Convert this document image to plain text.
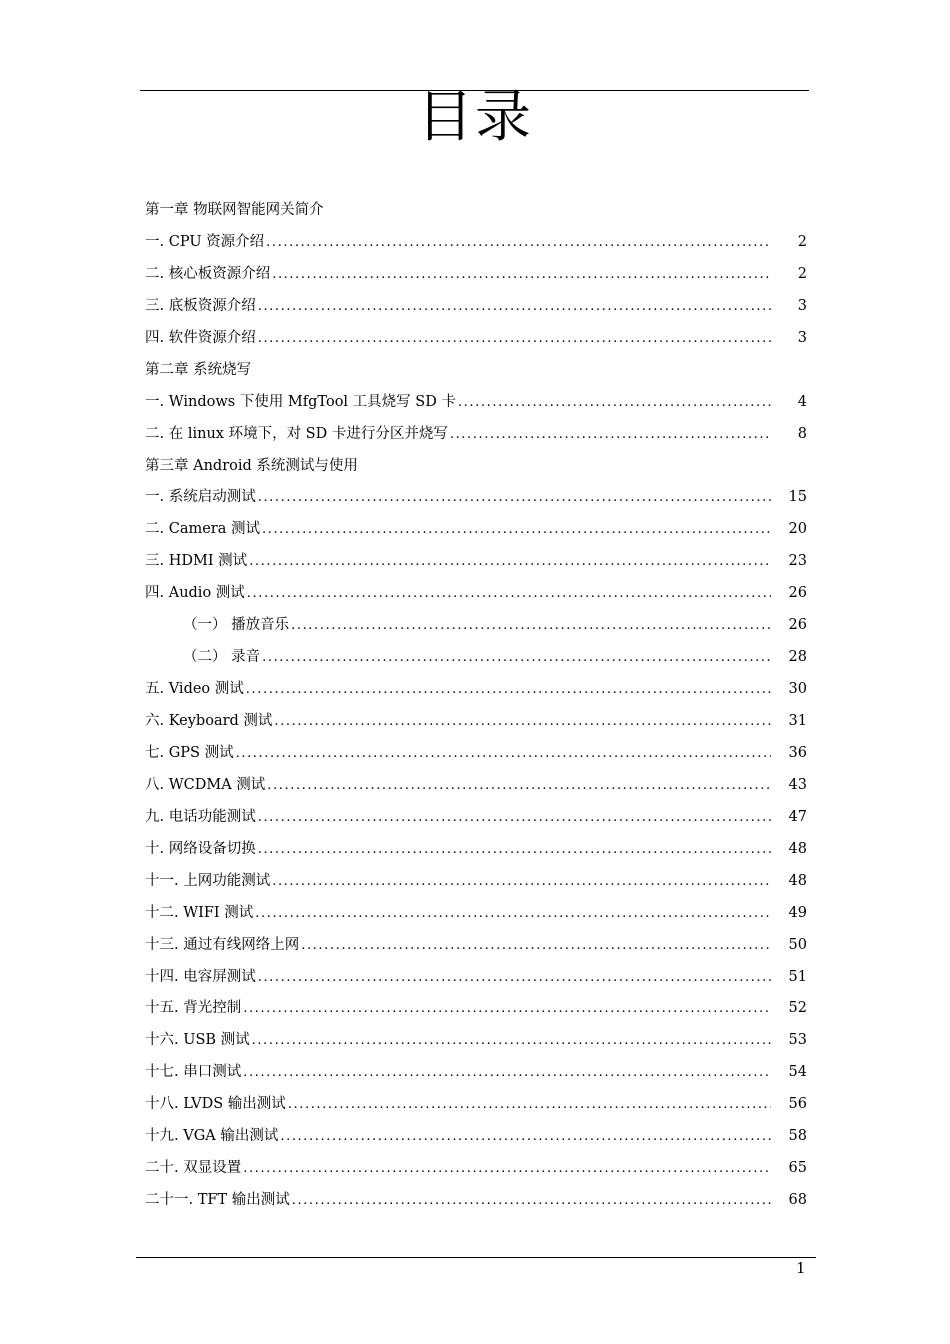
目录
第一章 物联网智能网关简介
一. CPU 资源介绍 .....	2
二. 核心板资源介绍 .....	2
三. 底板资源介绍 .....	3
四. 软件资源介绍 .....	3
第二章 系统烧写
一. Windows 下使用 MfgTool 工具烧写 SD 卡 .....	4
二. 在 linux 环境下，对 SD 卡进行分区并烧写 .....	8
第三章 Android 系统测试与使用
一. 系统启动测试 .....	15
二. Camera 测试 .....	20
三. HDMI 测试 .....	23
四. Audio 测试 .....	26
（一） 播放音乐 .....	26
（二） 录音 .....	28
五. Video 测试 .....	30
六. Keyboard 测试 .....	31
七. GPS 测试 .....	36
八. WCDMA 测试 .....	43
九. 电话功能测试 .....	47
十. 网络设备切换 .....	48
十一. 上网功能测试 .....	48
十二. WIFI 测试 .....	49
十三. 通过有线网络上网 .....	50
十四. 电容屏测试 .....	51
十五. 背光控制 .....	52
十六. USB 测试 .....	53
十七. 串口测试 .....	54
十八. LVDS 输出测试 .....	56
十九. VGA 输出测试 .....	58
二十. 双显设置 .....	65
二十一. TFT 输出测试 .....	68
1
